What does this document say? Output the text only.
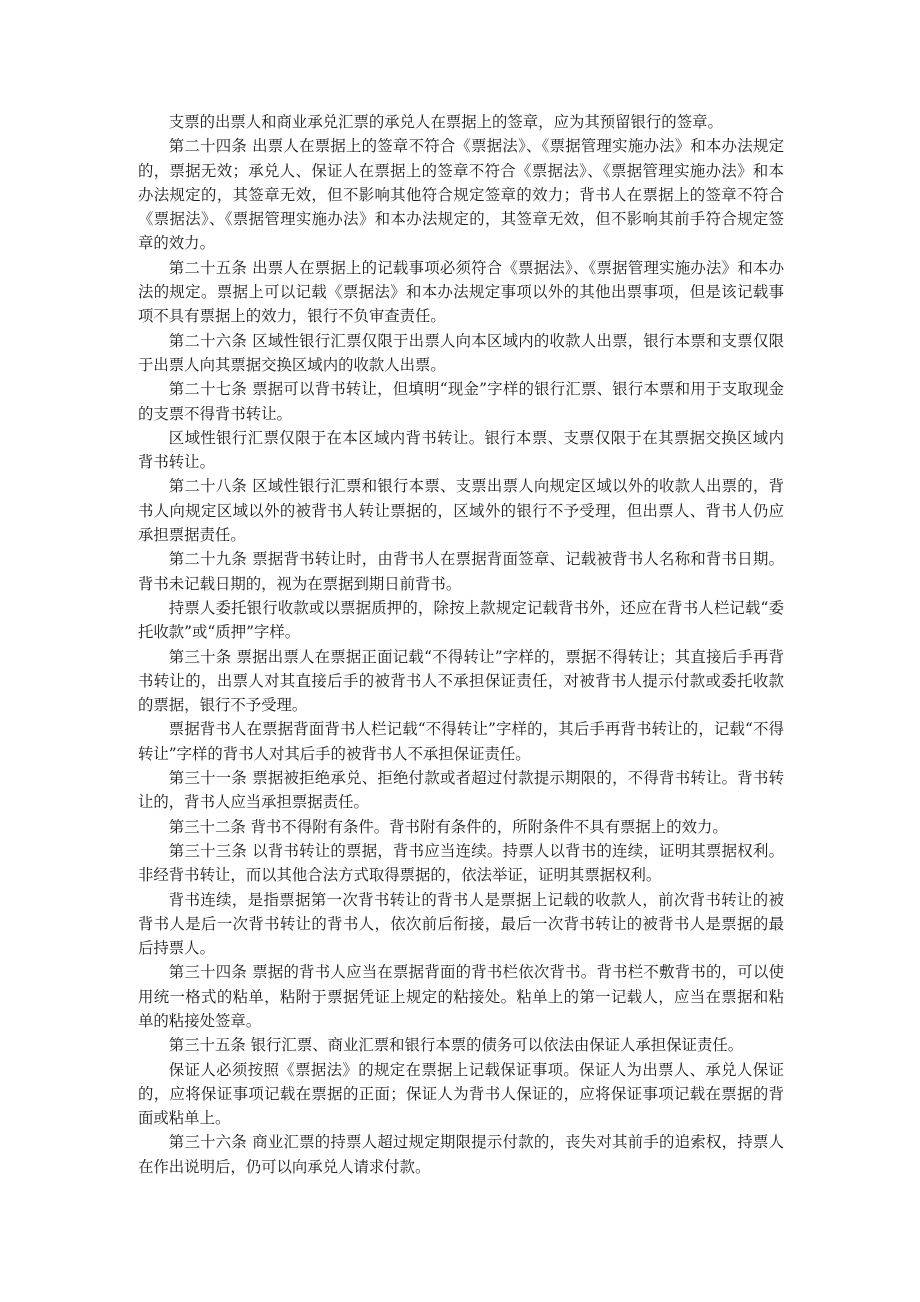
支票的出票人和商业承兑汇票的承兑人在票据上的签章，应为其预留银行的签章。

第二十四条 出票人在票据上的签章不符合《票据法》、《票据管理实施办法》和本办法规定的，票据无效；承兑人、保证人在票据上的签章不符合《票据法》、《票据管理实施办法》和本办法规定的，其签章无效，但不影响其他符合规定签章的效力；背书人在票据上的签章不符合《票据法》、《票据管理实施办法》和本办法规定的，其签章无效，但不影响其前手符合规定签章的效力。

第二十五条 出票人在票据上的记载事项必须符合《票据法》、《票据管理实施办法》和本办法的规定。票据上可以记载《票据法》和本办法规定事项以外的其他出票事项，但是该记载事项不具有票据上的效力，银行不负审查责任。

第二十六条 区域性银行汇票仅限于出票人向本区域内的收款人出票，银行本票和支票仅限于出票人向其票据交换区域内的收款人出票。

第二十七条 票据可以背书转让，但填明“现金”字样的银行汇票、银行本票和用于支取现金的支票不得背书转让。

区域性银行汇票仅限于在本区域内背书转让。银行本票、支票仅限于在其票据交换区域内背书转让。

第二十八条 区域性银行汇票和银行本票、支票出票人向规定区域以外的收款人出票的，背书人向规定区域以外的被背书人转让票据的，区域外的银行不予受理，但出票人、背书人仍应承担票据责任。

第二十九条 票据背书转让时，由背书人在票据背面签章、记载被背书人名称和背书日期。背书未记载日期的，视为在票据到期日前背书。

持票人委托银行收款或以票据质押的，除按上款规定记载背书外，还应在背书人栏记载“委托收款”或“质押”字样。

第三十条 票据出票人在票据正面记载“不得转让”字样的，票据不得转让；其直接后手再背书转让的，出票人对其直接后手的被背书人不承担保证责任，对被背书人提示付款或委托收款的票据，银行不予受理。

票据背书人在票据背面背书人栏记载“不得转让”字样的，其后手再背书转让的，记载“不得转让”字样的背书人对其后手的被背书人不承担保证责任。

第三十一条 票据被拒绝承兑、拒绝付款或者超过付款提示期限的，不得背书转让。背书转让的，背书人应当承担票据责任。

第三十二条 背书不得附有条件。背书附有条件的，所附条件不具有票据上的效力。

第三十三条 以背书转让的票据，背书应当连续。持票人以背书的连续，证明其票据权利。非经背书转让，而以其他合法方式取得票据的，依法举证，证明其票据权利。

背书连续，是指票据第一次背书转让的背书人是票据上记载的收款人，前次背书转让的被背书人是后一次背书转让的背书人，依次前后衔接，最后一次背书转让的被背书人是票据的最后持票人。

第三十四条 票据的背书人应当在票据背面的背书栏依次背书。背书栏不敷背书的，可以使用统一格式的粘单，粘附于票据凭证上规定的粘接处。粘单上的第一记载人，应当在票据和粘单的粘接处签章。

第三十五条 银行汇票、商业汇票和银行本票的债务可以依法由保证人承担保证责任。

保证人必须按照《票据法》的规定在票据上记载保证事项。保证人为出票人、承兑人保证的，应将保证事项记载在票据的正面；保证人为背书人保证的，应将保证事项记载在票据的背面或粘单上。

第三十六条 商业汇票的持票人超过规定期限提示付款的，丧失对其前手的追索权，持票人在作出说明后，仍可以向承兑人请求付款。
